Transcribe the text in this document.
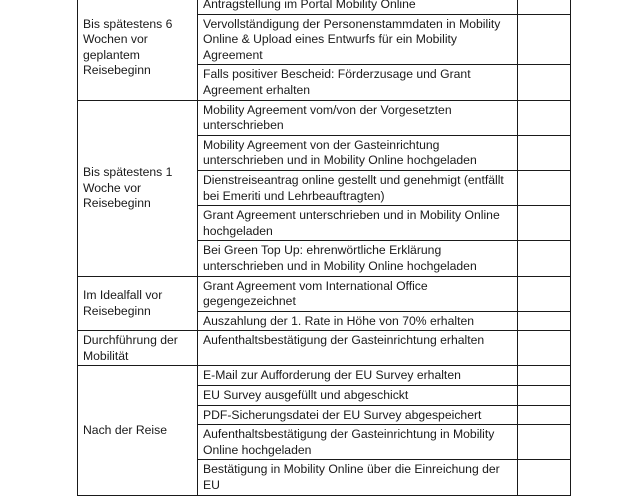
Bis spätestens 6 Wochen vor geplantem Reisebeginn	Antragstellung im Portal Mobility Online	
	Vervollständigung der Personenstammdaten in Mobility Online & Upload eines Entwurfs für ein Mobility Agreement	
	Falls positiver Bescheid: Förderzusage und Grant Agreement erhalten	
Bis spätestens 1 Woche vor Reisebeginn	Mobility Agreement vom/von der Vorgesetzten unterschrieben	
	Mobility Agreement von der Gasteinrichtung unterschrieben und in Mobility Online hochgeladen	
	Dienstreiseantrag online gestellt und genehmigt (entfällt bei Emeriti und Lehrbeauftragten)	
	Grant Agreement unterschrieben und in Mobility Online hochgeladen	
	Bei Green Top Up: ehrenwörtliche Erklärung unterschrieben und in Mobility Online hochgeladen	
Im Idealfall vor Reisebeginn	Grant Agreement vom International Office gegengezeichnet	
	Auszahlung der 1. Rate in Höhe von 70% erhalten	
Durchführung der Mobilität	Aufenthaltsbestätigung der Gasteinrichtung erhalten	
Nach der Reise	E-Mail zur Aufforderung der EU Survey erhalten	
	EU Survey ausgefüllt und abgeschickt	
	PDF-Sicherungsdatei der EU Survey abgespeichert	
	Aufenthaltsbestätigung der Gasteinrichtung in Mobility Online hochgeladen	
	Bestätigung in Mobility Online über die Einreichung der EU	
